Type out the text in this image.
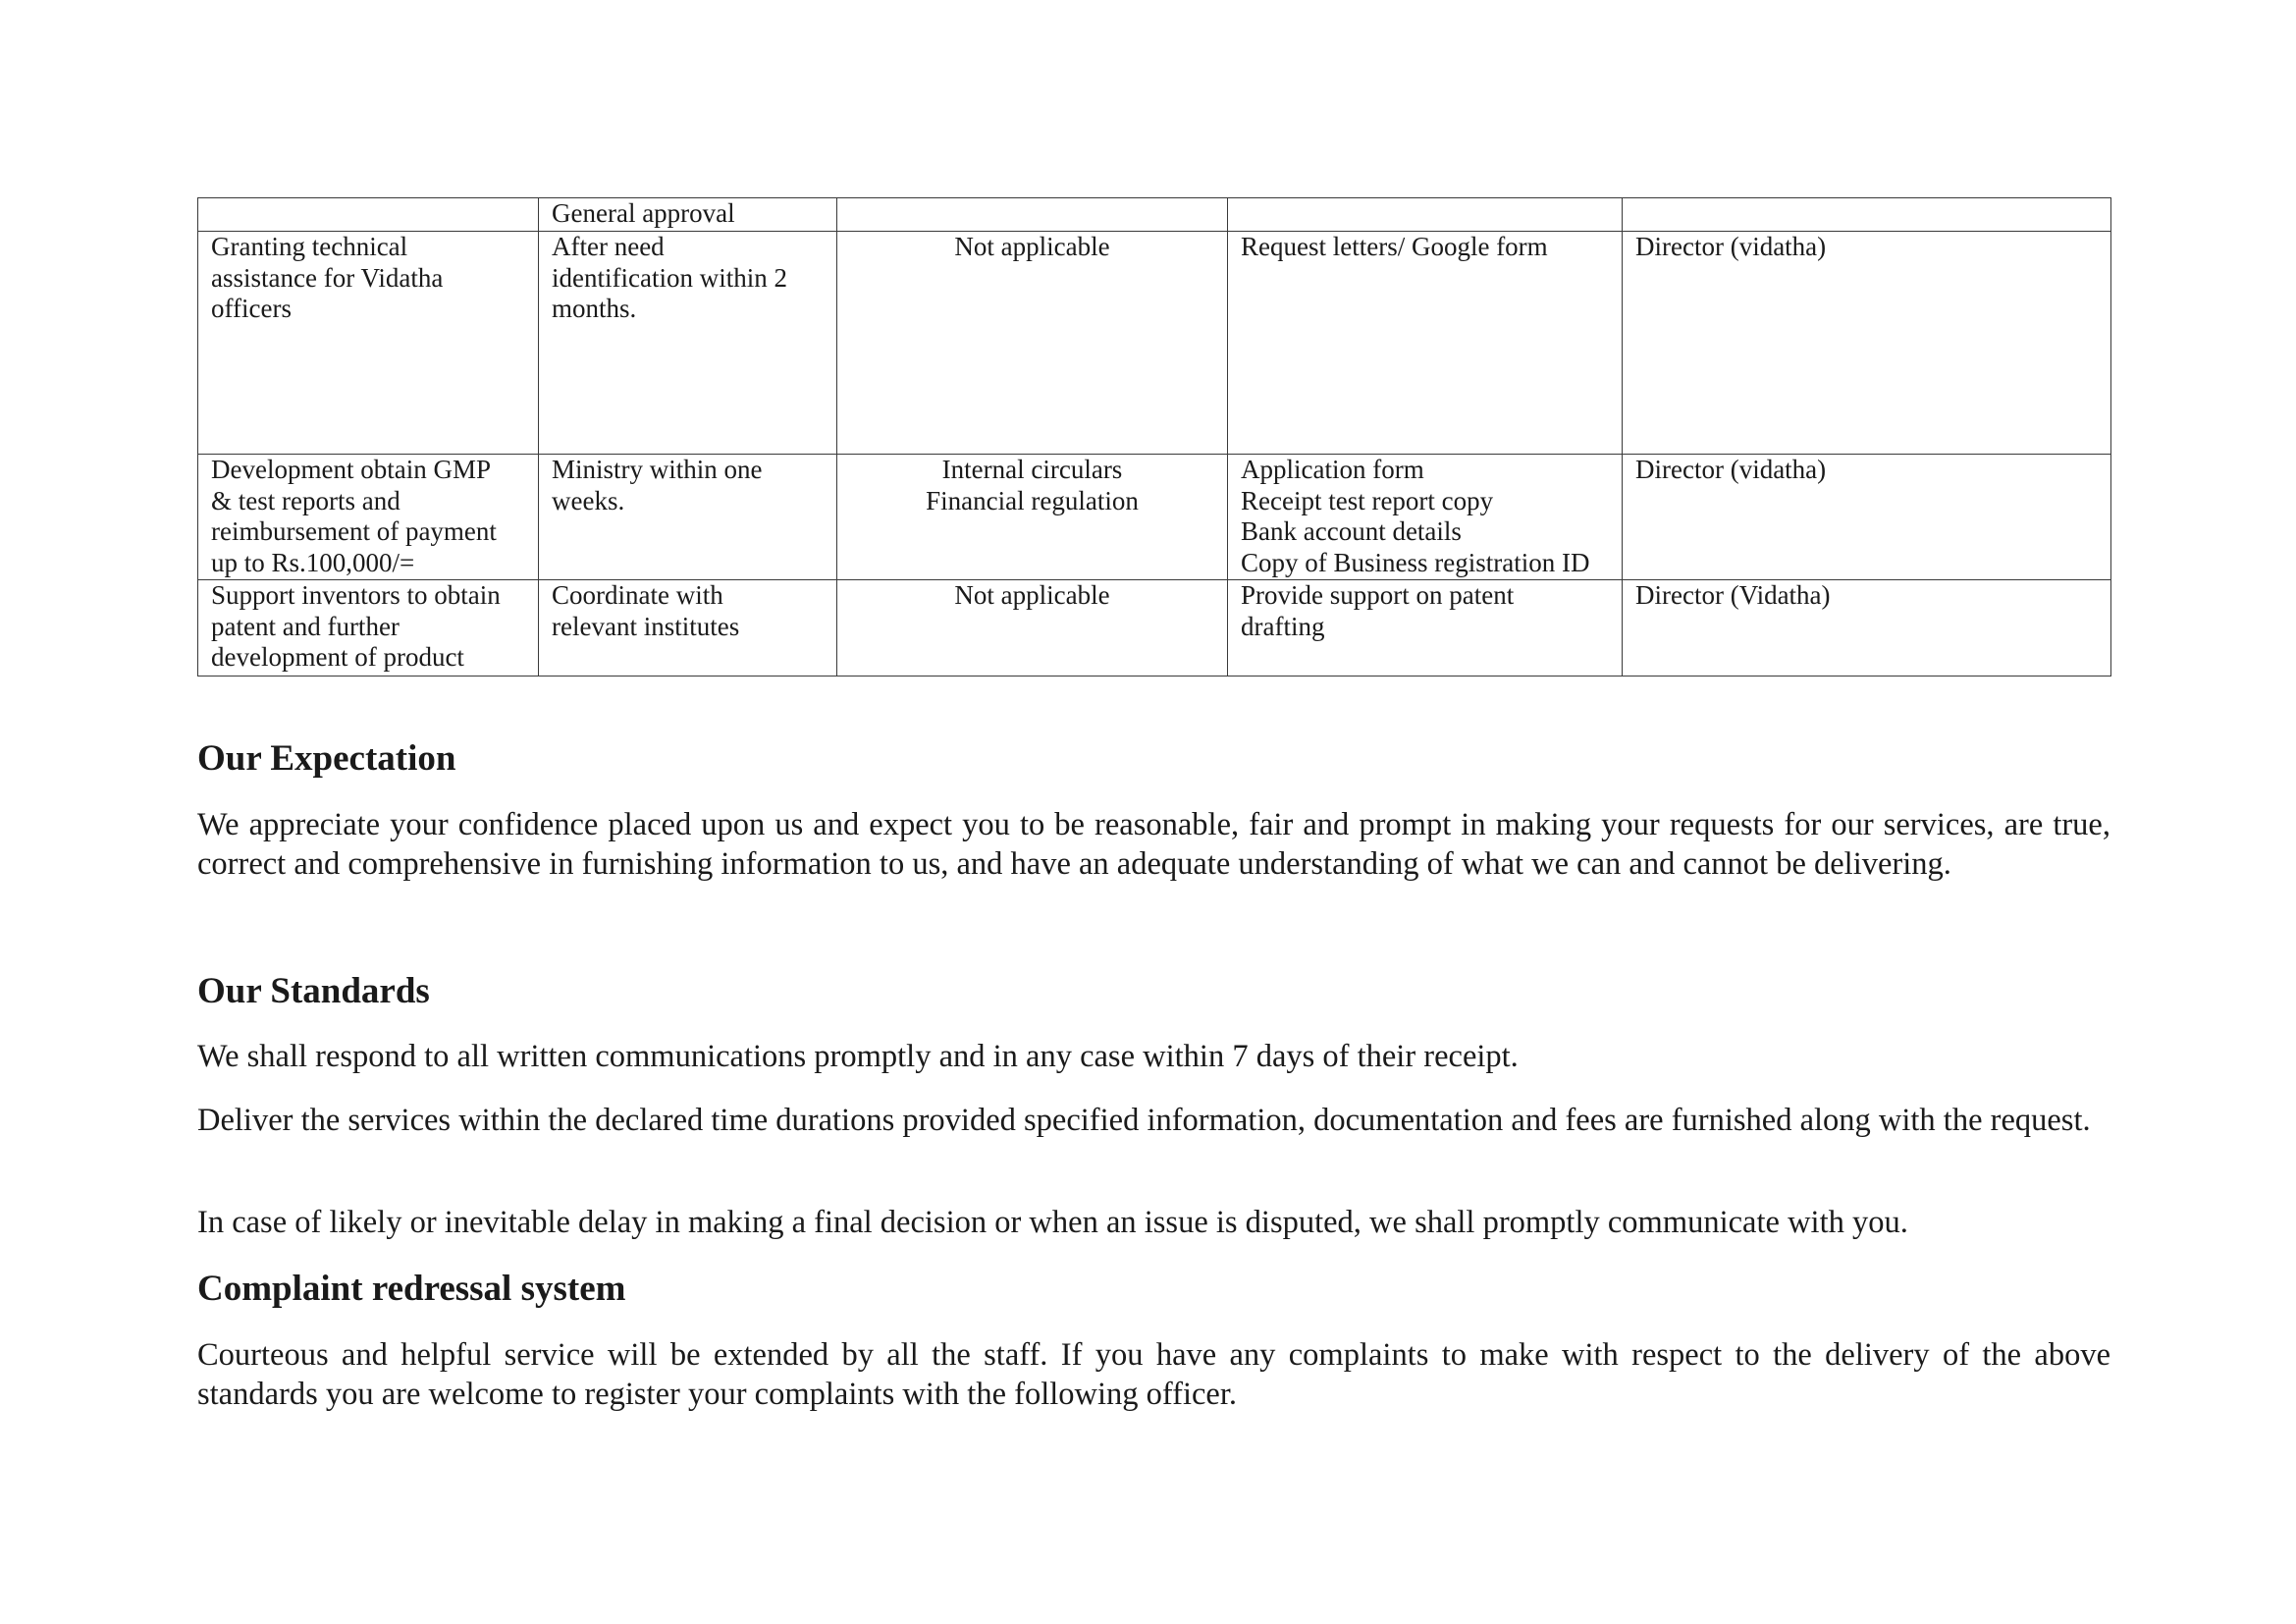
	General approval			

Granting technical
assistance for Vidatha
officers	After need
identification within 2
months.	Not applicable	Request letters/ Google form	Director (vidatha)

Development obtain GMP
& test reports and
reimbursement of payment
up to Rs.100,000/=	Ministry within one
weeks.	Internal circulars
Financial regulation	Application form
Receipt test report copy
Bank account details
Copy of Business registration ID	Director (vidatha)

Support inventors to obtain
patent and further
development of product	Coordinate with
relevant institutes	Not applicable	Provide support on patent
drafting	Director (Vidatha)
Our Expectation

We appreciate your confidence placed upon us and expect you to be reasonable, fair and prompt in making your requests for our services, are true, correct and comprehensive in furnishing information to us, and have an adequate understanding of what we can and cannot be delivering.

Our Standards

We shall respond to all written communications promptly and in any case within 7 days of their receipt.

Deliver the services within the declared time durations provided specified information, documentation and fees are furnished along with the request.

In case of likely or inevitable delay in making a final decision or when an issue is disputed, we shall promptly communicate with you.

Complaint redressal system

Courteous and helpful service will be extended by all the staff. If you have any complaints to make with respect to the delivery of the above standards you are welcome to register your complaints with the following officer.
